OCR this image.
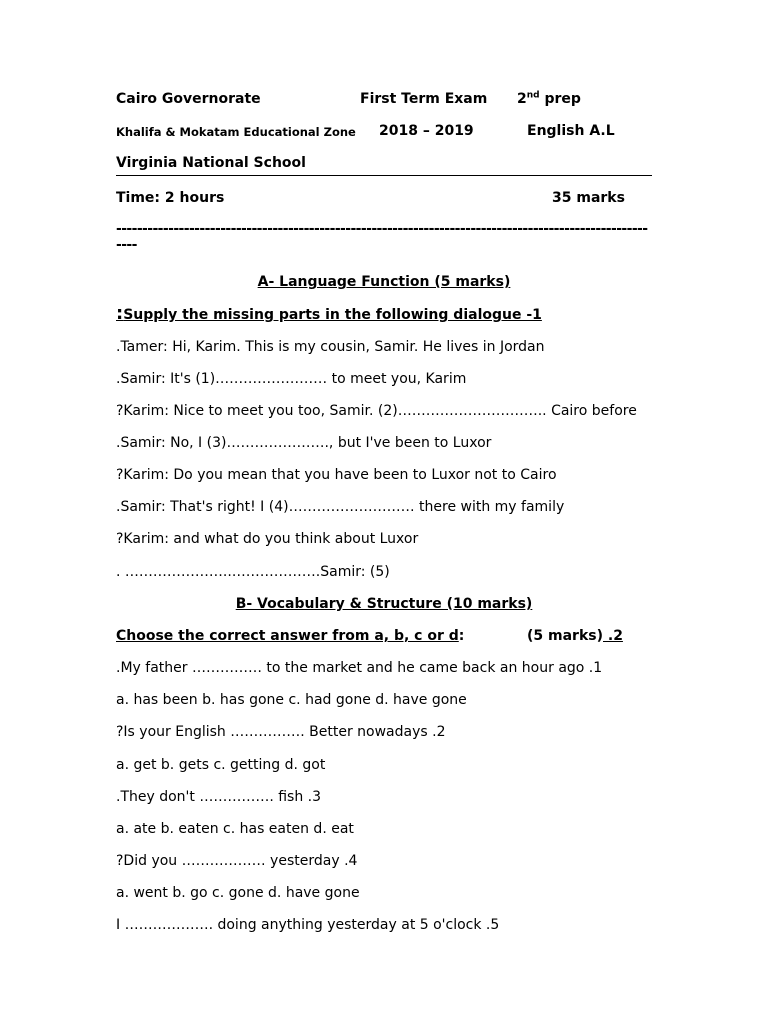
Cairo Governorate	First Term Exam 2nd prep
Khalifa & Mokatam Educational Zone 2018 – 2019	English A.L
Virginia National School
Time: 2 hours	35 marks
----------------------------------------------------------------------------------------------------------
A- Language Function (5 marks)
:Supply the missing parts in the following dialogue -1
.Tamer: Hi, Karim. This is my cousin, Samir. He lives in Jordan
.Samir: It's (1)…………………… to meet you, Karim
?Karim: Nice to meet you too, Samir. (2)………………………….. Cairo before
.Samir: No, I (3)…………………., but I've been to Luxor
?Karim: Do you mean that you have been to Luxor not to Cairo
.Samir: That's right! I (4)……………………… there with my family
?Karim: and what do you think about Luxor
. …………………..……………….Samir: (5)
B- Vocabulary & Structure (10 marks)
Choose the correct answer from a, b, c or d:	(5 marks) .2
.My father …………… to the market and he came back an hour ago .1
a. has been b. has gone c. had gone d. have gone
?Is your English ……………. Better nowadays .2
a. get b. gets c. getting d. got
.They don't ……………. fish .3
a. ate b. eaten c. has eaten d. eat
?Did you ……………… yesterday .4
a. went b. go c. gone d. have gone
I ………………. doing anything yesterday at 5 o'clock .5
